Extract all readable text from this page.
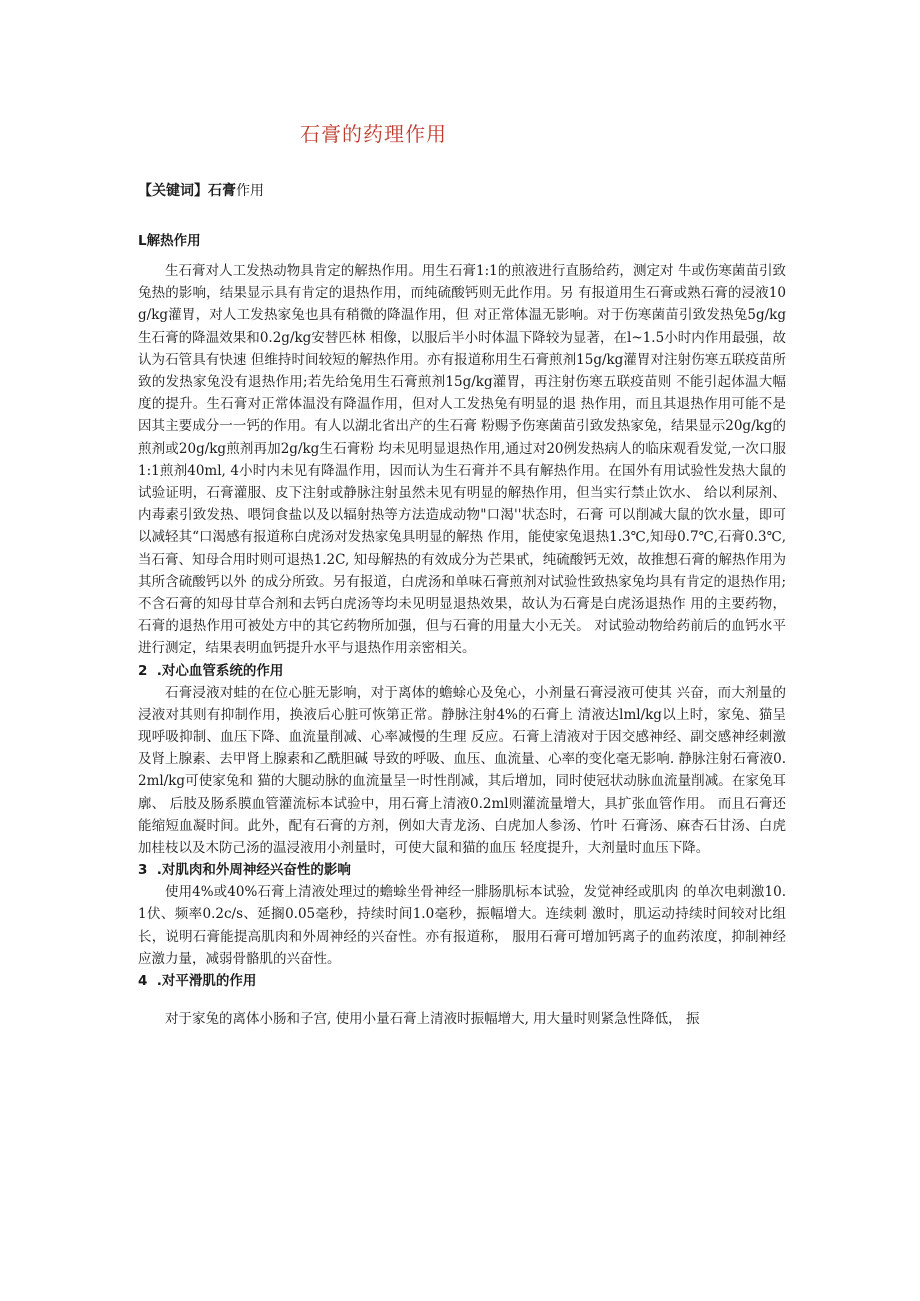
石膏的药理作用
【关键词】石膏作用
L解热作用

生石膏对人工发热动物具肯定的解热作用。用生石膏1:1的煎液进行直肠给药，测定对 牛或伤寒菌苗引致兔热的影响，结果显示具有肯定的退热作用，而纯硫酸钙则无此作用。另 有报道用生石膏或熟石膏的浸液10g/kg灌胃，对人工发热家兔也具有稍微的降温作用，但 对正常体温无影响。对于伤寒菌苗引致发热兔5g/kg生石膏的降温效果和0.2g/kg安替匹林 相像，以服后半小时体温下降较为显著，在l~1.5小时内作用最强，故认为石管具有快速 但维持时间较短的解热作用。亦有报道称用生石膏煎剂15g/kg灌胃对注射伤寒五联疫苗所 致的发热家兔没有退热作用;若先给兔用生石膏煎剂15g/kg灌胃，再注射伤寒五联疫苗则 不能引起体温大幅度的提升。生石膏对正常体温没有降温作用，但对人工发热兔有明显的退 热作用，而且其退热作用可能不是因其主要成分一一钙的作用。有人以湖北省出产的生石膏 粉赐予伤寒菌苗引致发热家兔，结果显示20g/kg的煎剂或20g/kg煎剂再加2g/kg生石膏粉 均未见明显退热作用,通过对20例发热病人的临床观看发觉,一次口服1:1煎剂40ml, 4小时内未见有降温作用，因而认为生石膏并不具有解热作用。在国外有用试验性发热大鼠的 试验证明，石膏灌服、皮下注射或静脉注射虽然未见有明显的解热作用，但当实行禁止饮水、 给以利尿剂、内毒素引致发热、喂饲食盐以及以辐射热等方法造成动物"口渴''状态时，石膏 可以削减大鼠的饮水量，即可以减轻其“口渴感有报道称白虎汤对发热家兔具明显的解热 作用，能使家兔退热1.3℃,知母0.7℃,石膏0.3℃,当石膏、知母合用时则可退热1.2C, 知母解热的有效成分为芒果甙，纯硫酸钙无效，故推想石膏的解热作用为其所含硫酸钙以外 的成分所致。另有报道，白虎汤和单味石膏煎剂对试验性致热家兔均具有肯定的退热作用;不含石膏的知母甘草合剂和去钙白虎汤等均未见明显退热效果，故认为石膏是白虎汤退热作 用的主要药物，石膏的退热作用可被处方中的其它药物所加强，但与石膏的用量大小无关。 对试验动物给药前后的血钙水平进行测定，结果表明血钙提升水平与退热作用亲密相关。

2  .对心血管系统的作用

石膏浸液对蛙的在位心脏无影响，对于离体的蟾蜍心及兔心，小剂量石膏浸液可使其 兴奋，而大剂量的浸液对其则有抑制作用，换液后心脏可恢第正常。静脉注射4%的石膏上 清液达lml/kg以上时，家兔、猫呈现呼吸抑制、血压下降、血流量削减、心率减慢的生理 反应。石膏上清液对于因交感神经、副交感神经刺激及肾上腺素、去甲肾上腺素和乙酰胆碱 导致的呼吸、血压、血流量、心率的变化毫无影响. 静脉注射石膏液0.2ml/kg可使家兔和 猫的大腿动脉的血流量呈一时性削减，其后增加，同时使冠状动脉血流量削减。在家兔耳廓、 后肢及肠系膜血管灌流标本试验中，用石膏上清液0.2ml则灌流量增大，具扩张血管作用。 而且石膏还能缩短血凝时间。此外，配有石膏的方剂，例如大青龙汤、白虎加人参汤、竹叶 石膏汤、麻杏石甘汤、白虎加桂枝以及木防己汤的温浸液用小剂量时，可使大鼠和猫的血压 轻度提升，大剂量时血压下降。

3  .对肌肉和外周神经兴奋性的影响

使用4%或40%石膏上清液处理过的蟾蜍坐骨神经一腓肠肌标本试验，发觉神经或肌肉 的单次电刺激10.1伏、频率0.2c/s、延搁0.05毫秒，持续时间1.0毫秒，振幅增大。连续刺 激时，肌运动持续时间较对比组长，说明石膏能提高肌肉和外周神经的兴奋性。亦有报道称， 服用石膏可增加钙离子的血药浓度，抑制神经应激力量，减弱骨骼肌的兴奋性。

4  .对平滑肌的作用

对于家兔的离体小肠和子宫, 使用小量石膏上清液时振幅增大, 用大量时则紧急性降低， 振
